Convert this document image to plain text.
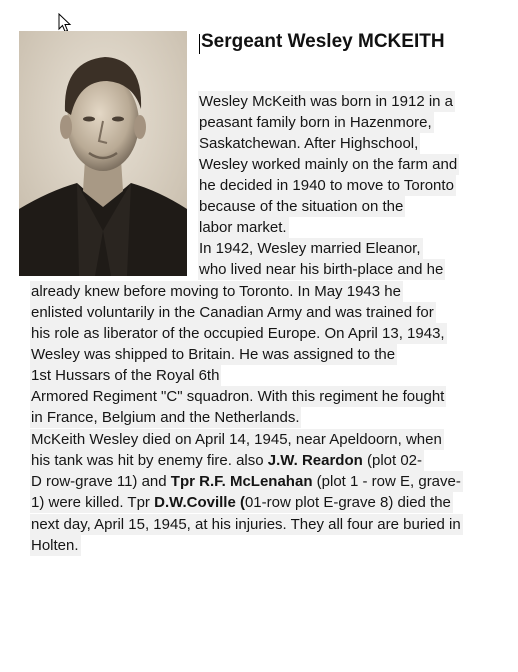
Sergeant Wesley MCKEITH
Wesley McKeith was born in 1912 in a
peasant family born in Hazenmore,
Saskatchewan. After Highschool,
Wesley worked mainly on the farm and
he decided in 1940 to move to Toronto
because of the situation on the
labor market.
In 1942, Wesley married Eleanor,
who lived near his birth-place and he
already knew before moving to Toronto. In May 1943 he
enlisted voluntarily in the Canadian Army and was trained for
his role as liberator of the occupied Europe. On April 13, 1943,
Wesley was shipped to Britain. He was assigned to the
1st Hussars of the Royal 6th
Armored Regiment "C" squadron. With this regiment he fought
in France, Belgium and the Netherlands.
McKeith Wesley died on April 14, 1945, near Apeldoorn, when
his tank was hit by enemy fire. also J.W. Reardon (plot 02-
D row-grave 11) and Tpr R.F. McLenahan (plot 1 - row E, grave-
1) were killed. Tpr D.W.Coville (01-row plot E-grave 8) died the
next day, April 15, 1945, at his injuries. They all four are buried in
Holten.
